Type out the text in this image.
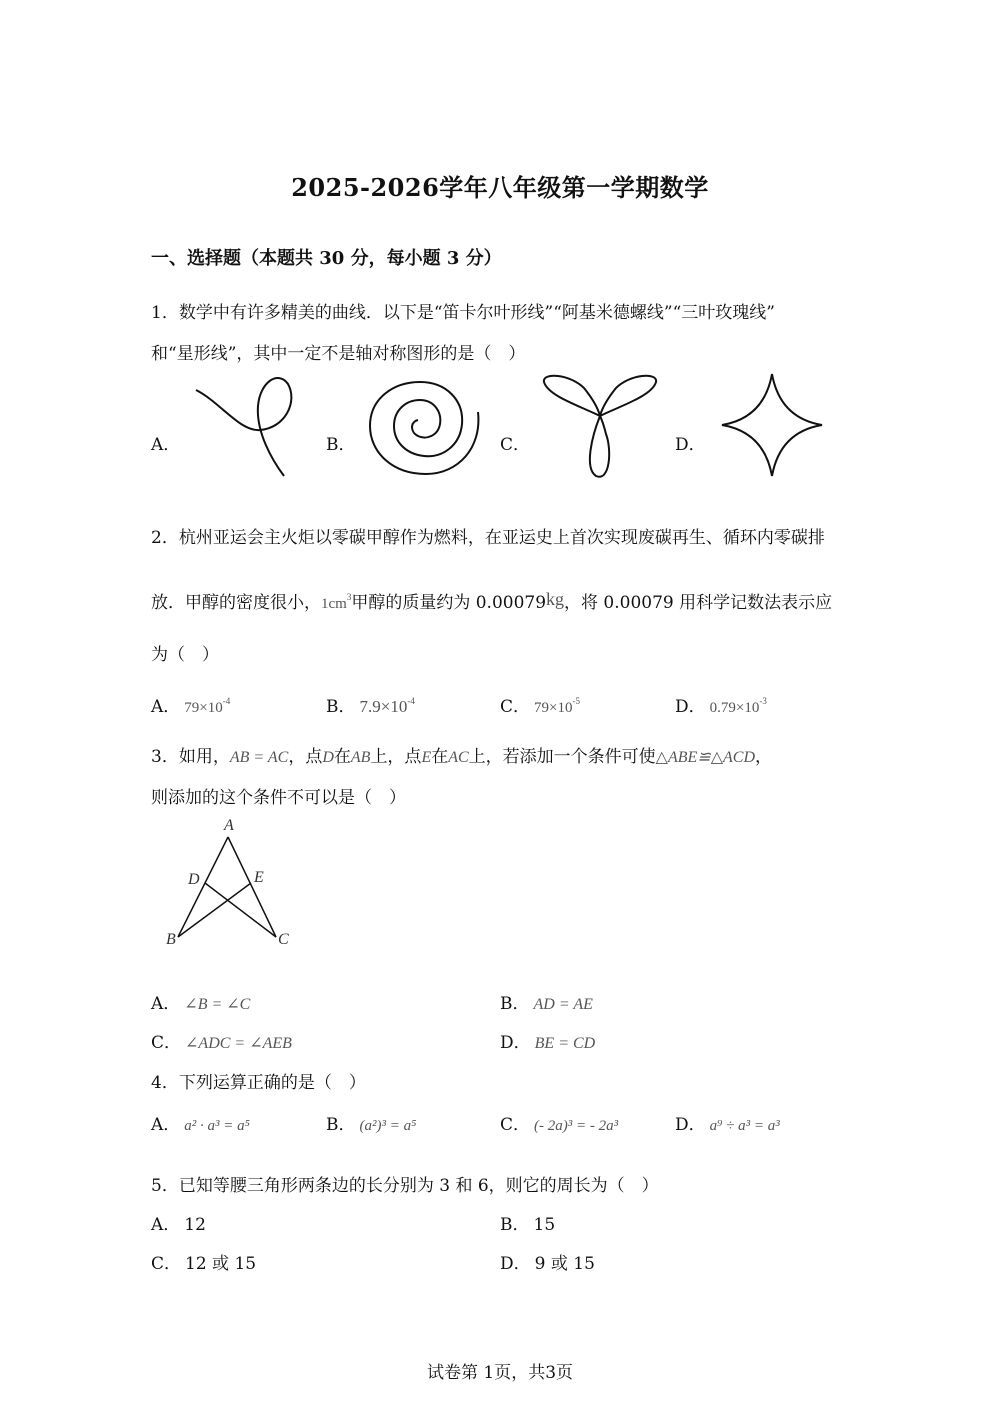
2025-2026学年八年级第一学期数学
一、选择题（本题共 30 分，每小题 3 分）
1．数学中有许多精美的曲线．以下是“笛卡尔叶形线”“阿基米德螺线”“三叶玫瑰线”
和“星形线”，其中一定不是轴对称图形的是（　）
A．	B．	C．	D．
2．杭州亚运会主火炬以零碳甲醇作为燃料，在亚运史上首次实现废碳再生、循环内零碳排
放．甲醇的密度很小，$1cm^3$甲醇的质量约为 0.00079kg，将 0.00079 用科学记数法表示应
为（　）
A． $79\times 10^{-4}$	B． $7.9\times 10^{-4}$	C． $79\times 10^{-5}$	D． $0.79\times 10^{-3}$
3．如用，AB = AC，点D在AB上，点E在AC上，若添加一个条件可使△ABE≌△ACD，
则添加的这个条件不可以是（　）
A
D	E
B	C
A． ∠B = ∠C	B． AD = AE
C． ∠ADC = ∠AEB	D． BE = CD
4．下列运算正确的是（　）
A． a² · a³ = a⁵	B． (a²)³ = a⁵	C． (- 2a)³ = - 2a³	D． a⁹ ÷ a³ = a³
5．已知等腰三角形两条边的长分别为 3 和 6，则它的周长为（　）
A． 12	B． 15
C． 12 或 15	D． 9 或 15
试卷第 1页，共3页
